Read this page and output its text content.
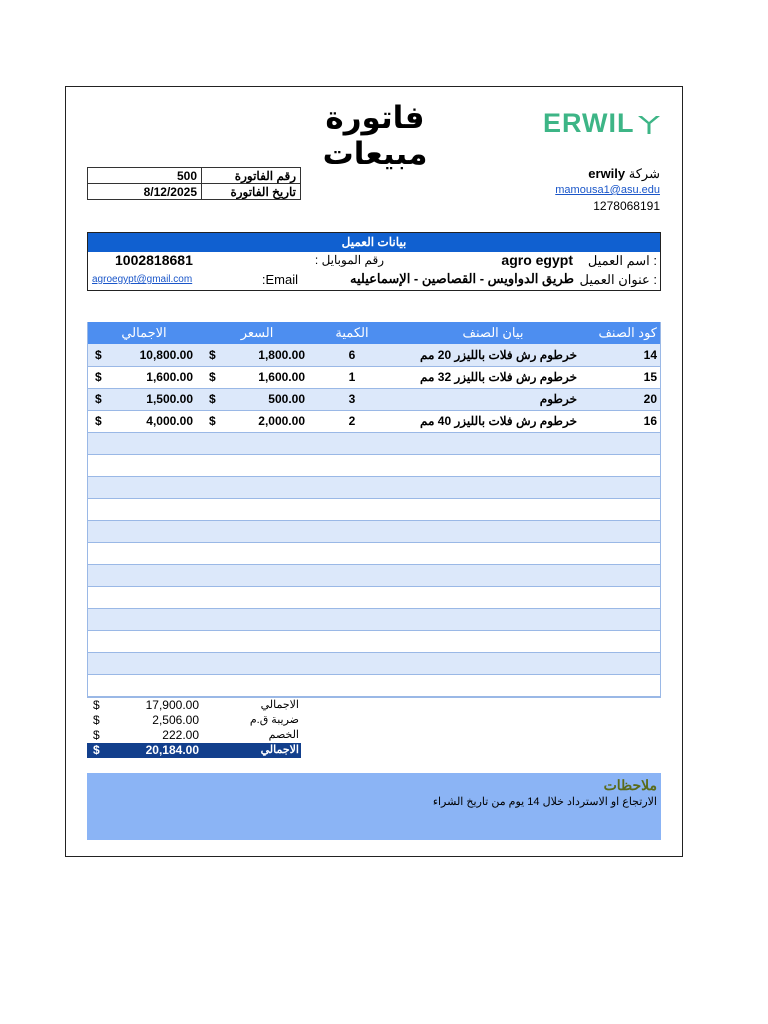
ERWIL
فاتورة مبيعات
500	رقم الفاتورة
8/12/2025	تاريخ الفاتورة
erwily شركة
mamousa1@asu.edu
1278068191
بيانات العميل
اسم العميل :
agro egypt
رقم الموبايل :
1002818681
عنوان العميل :
طريق الدواويس - القصاصين - الإسماعيليه
:Email
agroegypt@gmail.com
الاجمالي	السعر	الكمية	بيان الصنف	كود الصنف

$ 10,800.00	$ 1,800.00	6	خرطوم رش فلات بالليزر 20 مم	14

$ 1,600.00	$ 1,600.00	1	خرطوم رش فلات بالليزر 32 مم	15

$ 1,500.00	$ 500.00	3	خرطوم	20

$ 4,000.00	$ 2,000.00	2	خرطوم رش فلات بالليزر 40 مم	16

$	17,900.00	الاجمالي
$	2,506.00	ضريبة ق.م
$	222.00	الخصم
$	20,184.00	الاجمالي
ملاحظات
الارتجاع او الاسترداد خلال 14 يوم من تاريخ الشراء
